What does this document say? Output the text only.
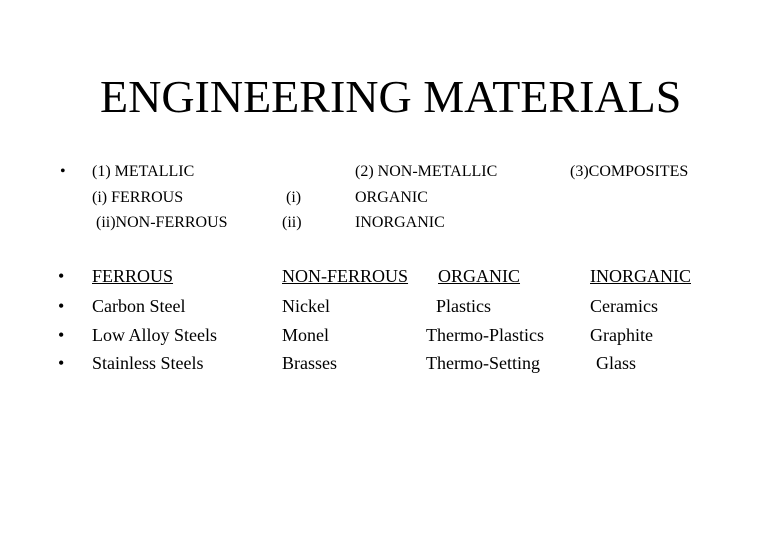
ENGINEERING MATERIALS
• (1) METALLIC
(i) FERROUS
(ii)NON-FERROUS
(i)
(ii)
(2) NON-METALLIC
ORGANIC
INORGANIC
(3)COMPOSITES
•
•
•
•
FERROUS
Carbon Steel
Low Alloy Steels
Stainless Steels
NON-FERROUS
Nickel
Monel
Brasses
ORGANIC
Plastics
Thermo-Plastics
Thermo-Setting
INORGANIC
Ceramics
Graphite
Glass
